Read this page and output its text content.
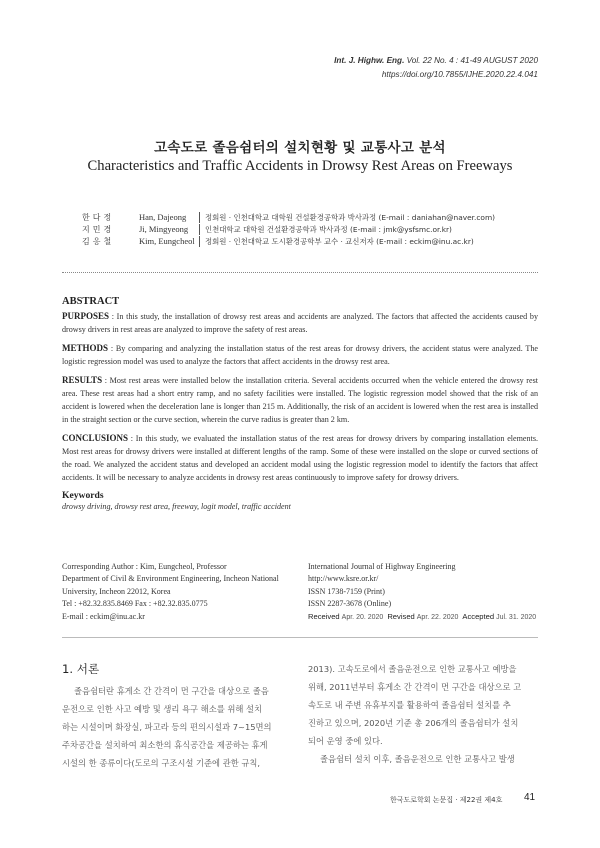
Int. J. Highw. Eng. Vol. 22 No. 4 : 41-49 AUGUST 2020
https://doi.org/10.7855/IJHE.2020.22.4.041
고속도로 졸음쉼터의 설치현황 및 교통사고 분석
Characteristics and Traffic Accidents in Drowsy Rest Areas on Freeways
한다정	Han, Dajeong	정회원 · 인천대학교 대학원 건설환경공학과 박사과정 (E-mail : daniahan@naver.com)
지민경	Ji, Mingyeong	인천대학교 대학원 건설환경공학과 박사과정 (E-mail : jmk@ysfsmc.or.kr)
김응철	Kim, Eungcheol	정회원 · 인천대학교 도시환경공학부 교수 · 교신저자 (E-mail : eckim@inu.ac.kr)
ABSTRACT
PURPOSES : In this study, the installation of drowsy rest areas and accidents are analyzed. The factors that affected the accidents caused by drowsy drivers in rest areas are analyzed to improve the safety of rest areas.
METHODS : By comparing and analyzing the installation status of the rest areas for drowsy drivers, the accident status were analyzed. The logistic regression model was used to analyze the factors that affect accidents in the drowsy rest area.
RESULTS : Most rest areas were installed below the installation criteria. Several accidents occurred when the vehicle entered the drowsy rest area. These rest areas had a short entry ramp, and no safety facilities were installed. The logistic regression model showed that the risk of an accident is lowered when the deceleration lane is longer than 215 m. Additionally, the risk of an accident is lowered when the rest area is installed in the straight section or the curve section, wherein the curve radius is greater than 2 km.
CONCLUSIONS : In this study, we evaluated the installation status of the rest areas for drowsy drivers by comparing installation elements. Most rest areas for drowsy drivers were installed at different lengths of the ramp. Some of these were installed on the slope or curved sections of the road. We analyzed the accident status and developed an accident modal using the logistic regression model to identify the factors that affect accidents. It will be necessary to analyze accidents in drowsy rest areas continuously to improve safety for drowsy drivers.
Keywords
drowsy driving, drowsy rest area, freeway, logit model, traffic accident
Corresponding Author : Kim, Eungcheol, Professor
Department of Civil & Environment Engineering, Incheon National
University, Incheon 22012, Korea
Tel : +82.32.835.8469 Fax : +82.32.835.0775
E-mail : eckim@inu.ac.kr
International Journal of Highway Engineering
http://www.ksre.or.kr/
ISSN 1738-7159 (Print)
ISSN 2287-3678 (Online)
Received Apr. 20. 2020 Revised Apr. 22. 2020 Accepted Jul. 31. 2020
1. 서론

졸음쉼터란 휴게소 간 간격이 먼 구간을 대상으로 졸음

운전으로 인한 사고 예방 및 생리 욕구 해소를 위해 설치

하는 시설이며 화장실, 파고라 등의 편의시설과 7~15면의

주차공간을 설치하여 최소한의 휴식공간을 제공하는 휴게

시설의 한 종류이다(도로의 구조시설 기준에 관한 규칙,

2013). 고속도로에서 졸음운전으로 인한 교통사고 예방을

위해, 2011년부터 휴게소 간 간격이 먼 구간을 대상으로 고

속도로 내 주변 유휴부지를 활용하여 졸음쉼터 설치를 추

진하고 있으며, 2020년 기준 총 206개의 졸음쉼터가 설치

되어 운영 중에 있다.

졸음쉼터 설치 이후, 졸음운전으로 인한 교통사고 발생

한국도로학회 논문집 · 제22권 제4호 41
